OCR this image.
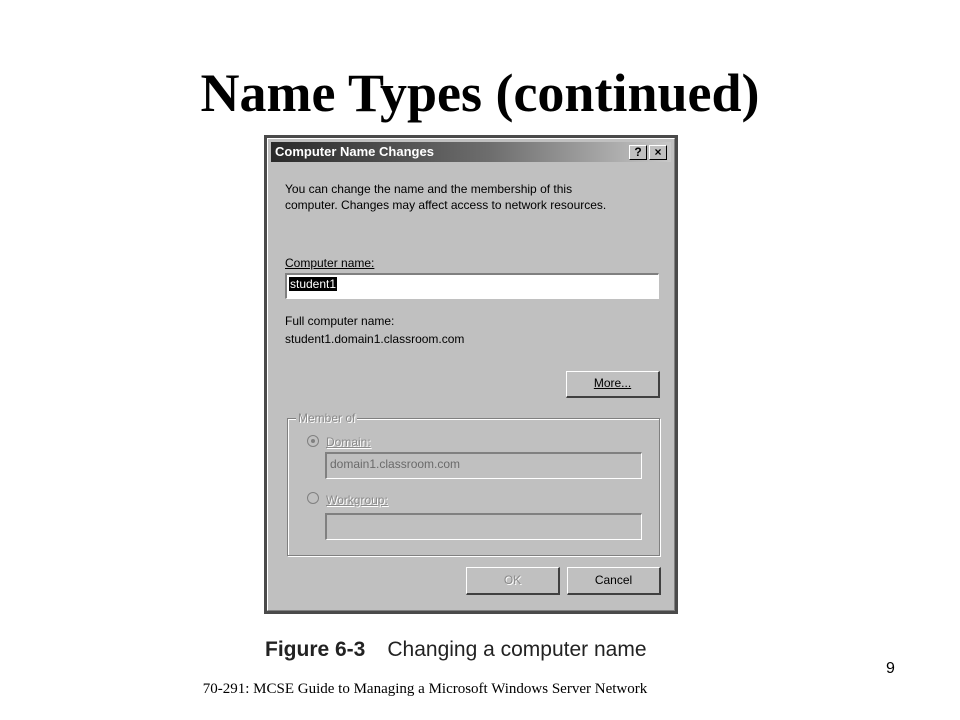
Name Types (continued)
Computer Name Changes	?	×
You can change the name and the membership of this
computer. Changes may affect access to network resources.
Computer name:
student1
Full computer name:
student1.domain1.classroom.com
More...
Member of
Domain:
domain1.classroom.com
Workgroup:
OK	Cancel
Figure 6-3 Changing a computer name
9
70-291: MCSE Guide to Managing a Microsoft Windows Server Network
